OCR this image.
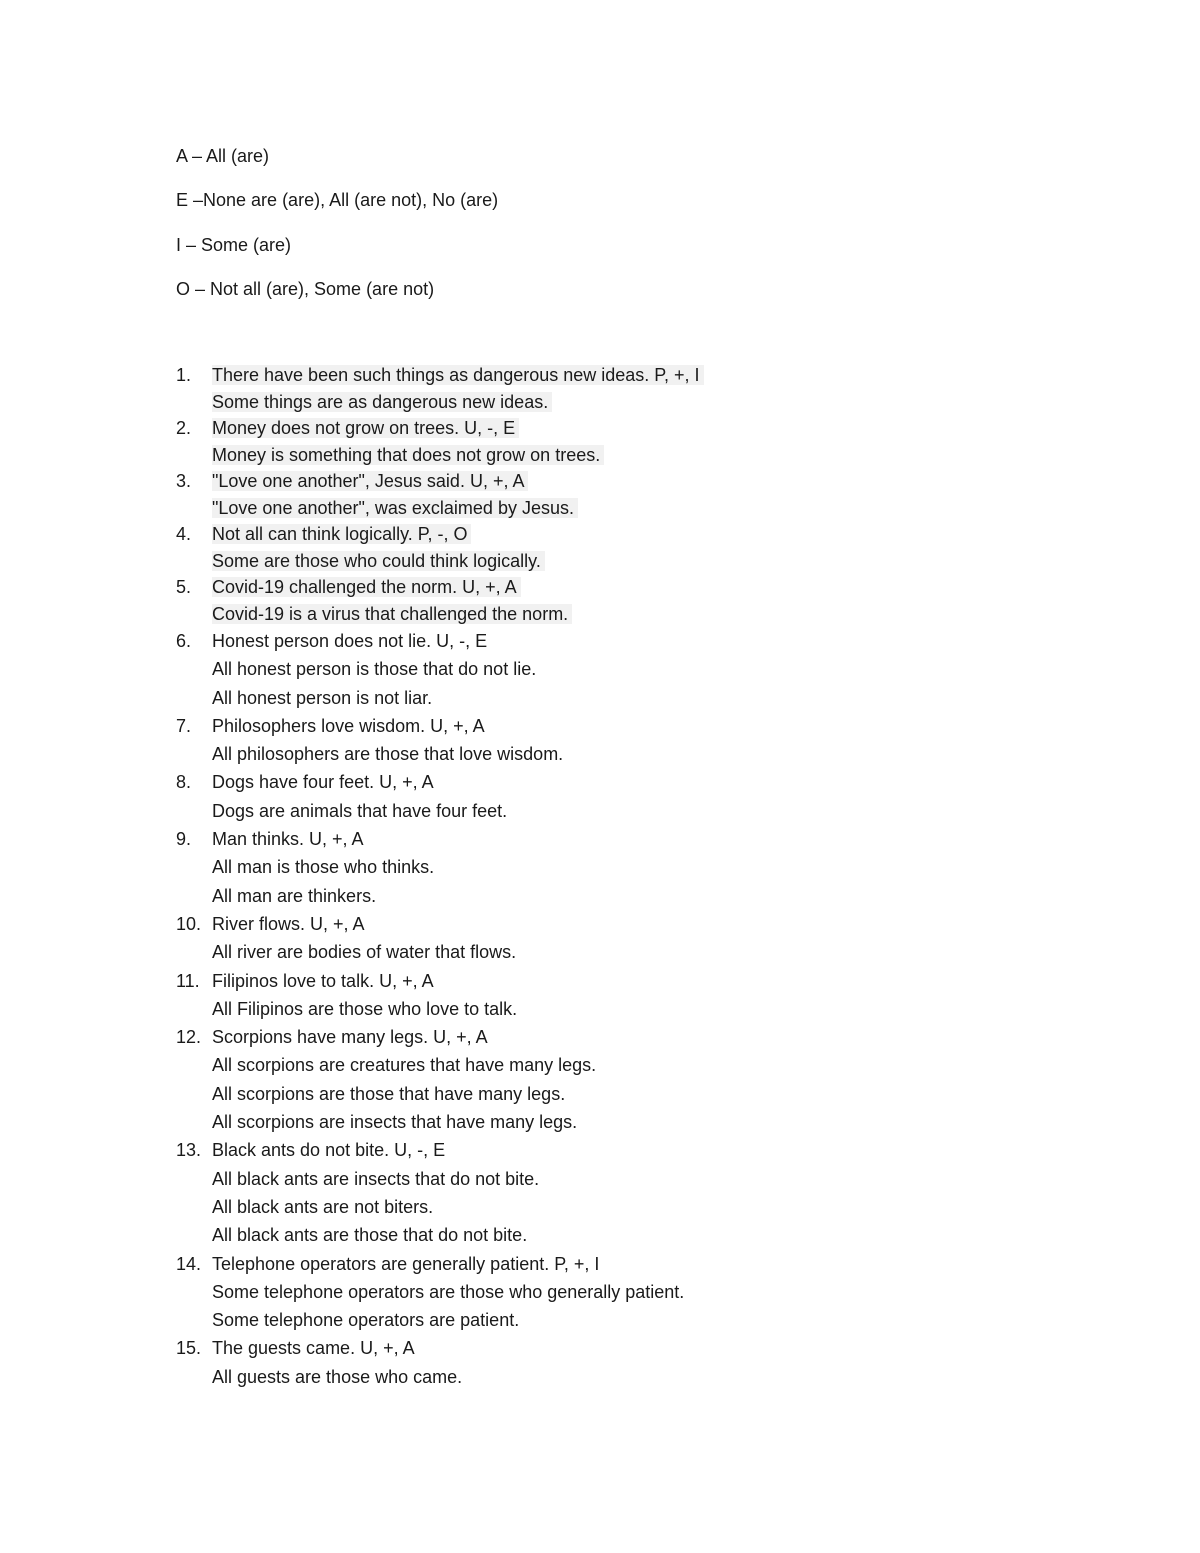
A – All (are)
E –None are (are), All (are not), No (are)
I – Some (are)
O – Not all (are), Some (are not)
1. There have been such things as dangerous new ideas. P, +, I
Some things are as dangerous new ideas.
2. Money does not grow on trees. U, -, E
Money is something that does not grow on trees.
3. "Love one another", Jesus said. U, +, A
"Love one another", was exclaimed by Jesus.
4. Not all can think logically. P, -, O
Some are those who could think logically.
5. Covid-19 challenged the norm. U, +, A
Covid-19 is a virus that challenged the norm.
6. Honest person does not lie. U, -, E
All honest person is those that do not lie.
All honest person is not liar.
7. Philosophers love wisdom. U, +, A
All philosophers are those that love wisdom.
8. Dogs have four feet. U, +, A
Dogs are animals that have four feet.
9. Man thinks. U, +, A
All man is those who thinks.
All man are thinkers.
10. River flows. U, +, A
All river are bodies of water that flows.
11. Filipinos love to talk. U, +, A
All Filipinos are those who love to talk.
12. Scorpions have many legs. U, +, A
All scorpions are creatures that have many legs.
All scorpions are those that have many legs.
All scorpions are insects that have many legs.
13. Black ants do not bite. U, -, E
All black ants are insects that do not bite.
All black ants are not biters.
All black ants are those that do not bite.
14. Telephone operators are generally patient. P, +, I
Some telephone operators are those who generally patient.
Some telephone operators are patient.
15. The guests came. U, +, A
All guests are those who came.
